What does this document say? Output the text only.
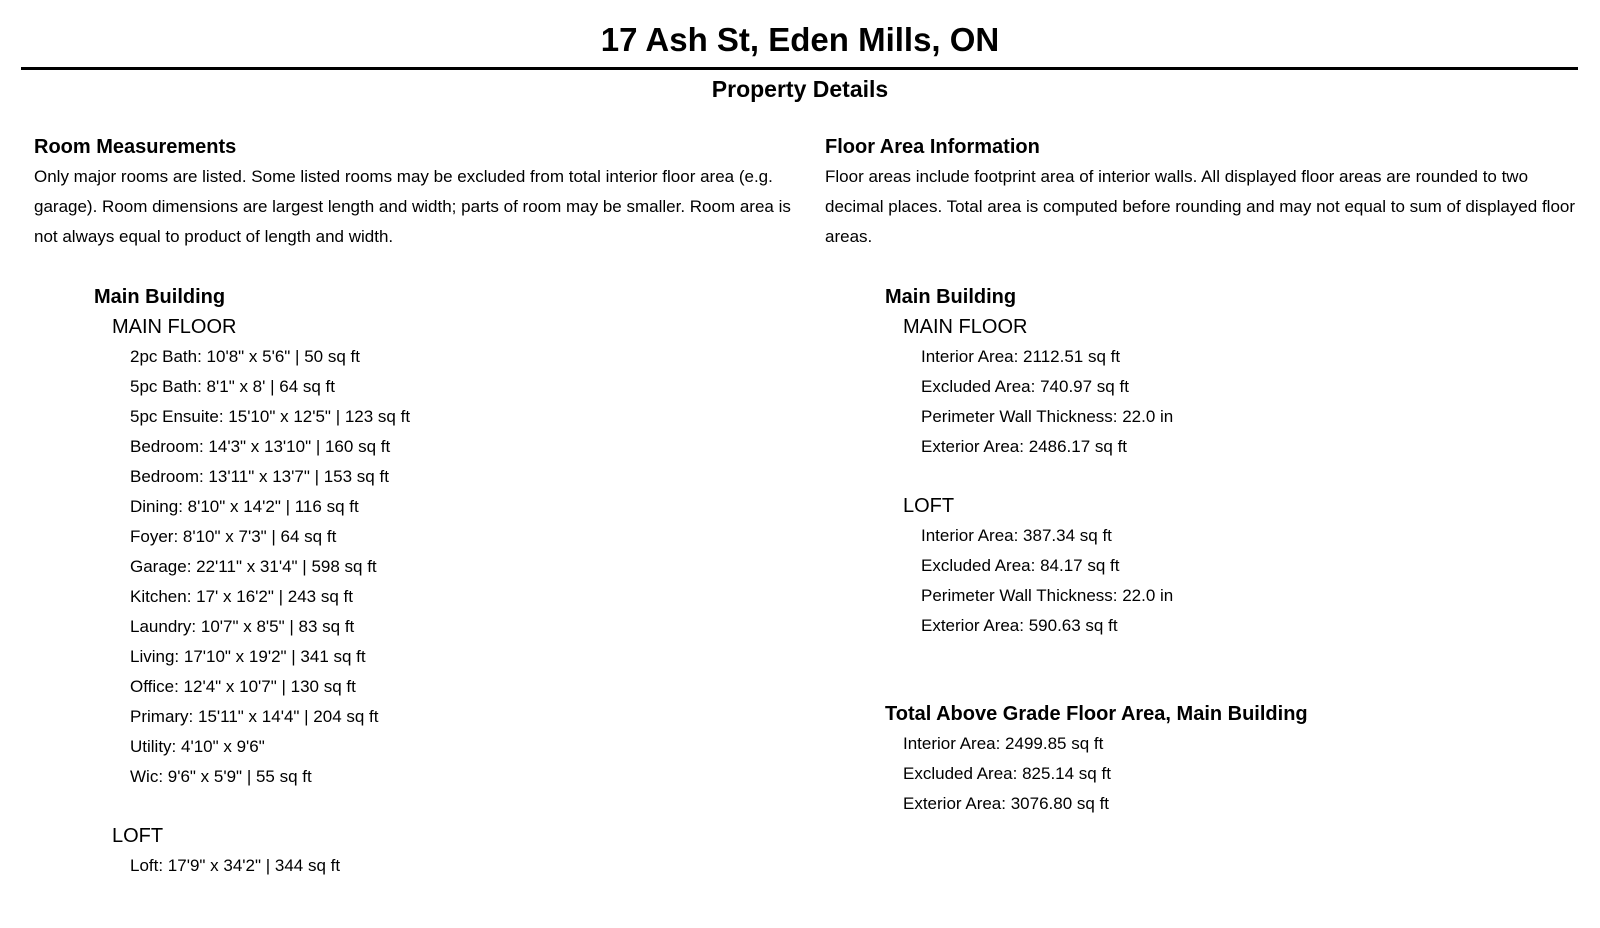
17 Ash St, Eden Mills, ON
Property Details
Room Measurements
Only major rooms are listed. Some listed rooms may be excluded from total interior floor area (e.g. garage). Room dimensions are largest length and width; parts of room may be smaller. Room area is not always equal to product of length and width.
Main Building
MAIN FLOOR
2pc Bath: 10'8" x 5'6" | 50 sq ft
5pc Bath: 8'1" x 8' | 64 sq ft
5pc Ensuite: 15'10" x 12'5" | 123 sq ft
Bedroom: 14'3" x 13'10" | 160 sq ft
Bedroom: 13'11" x 13'7" | 153 sq ft
Dining: 8'10" x 14'2" | 116 sq ft
Foyer: 8'10" x 7'3" | 64 sq ft
Garage: 22'11" x 31'4" | 598 sq ft
Kitchen: 17' x 16'2" | 243 sq ft
Laundry: 10'7" x 8'5" | 83 sq ft
Living: 17'10" x 19'2" | 341 sq ft
Office: 12'4" x 10'7" | 130 sq ft
Primary: 15'11" x 14'4" | 204 sq ft
Utility: 4'10" x 9'6"
Wic: 9'6" x 5'9" | 55 sq ft
LOFT
Loft: 17'9" x 34'2" | 344 sq ft
Floor Area Information
Floor areas include footprint area of interior walls. All displayed floor areas are rounded to two decimal places. Total area is computed before rounding and may not equal to sum of displayed floor areas.
Main Building
MAIN FLOOR
Interior Area: 2112.51 sq ft
Excluded Area: 740.97 sq ft
Perimeter Wall Thickness: 22.0 in
Exterior Area: 2486.17 sq ft
LOFT
Interior Area: 387.34 sq ft
Excluded Area: 84.17 sq ft
Perimeter Wall Thickness: 22.0 in
Exterior Area: 590.63 sq ft
Total Above Grade Floor Area, Main Building
Interior Area: 2499.85 sq ft
Excluded Area: 825.14 sq ft
Exterior Area: 3076.80 sq ft
